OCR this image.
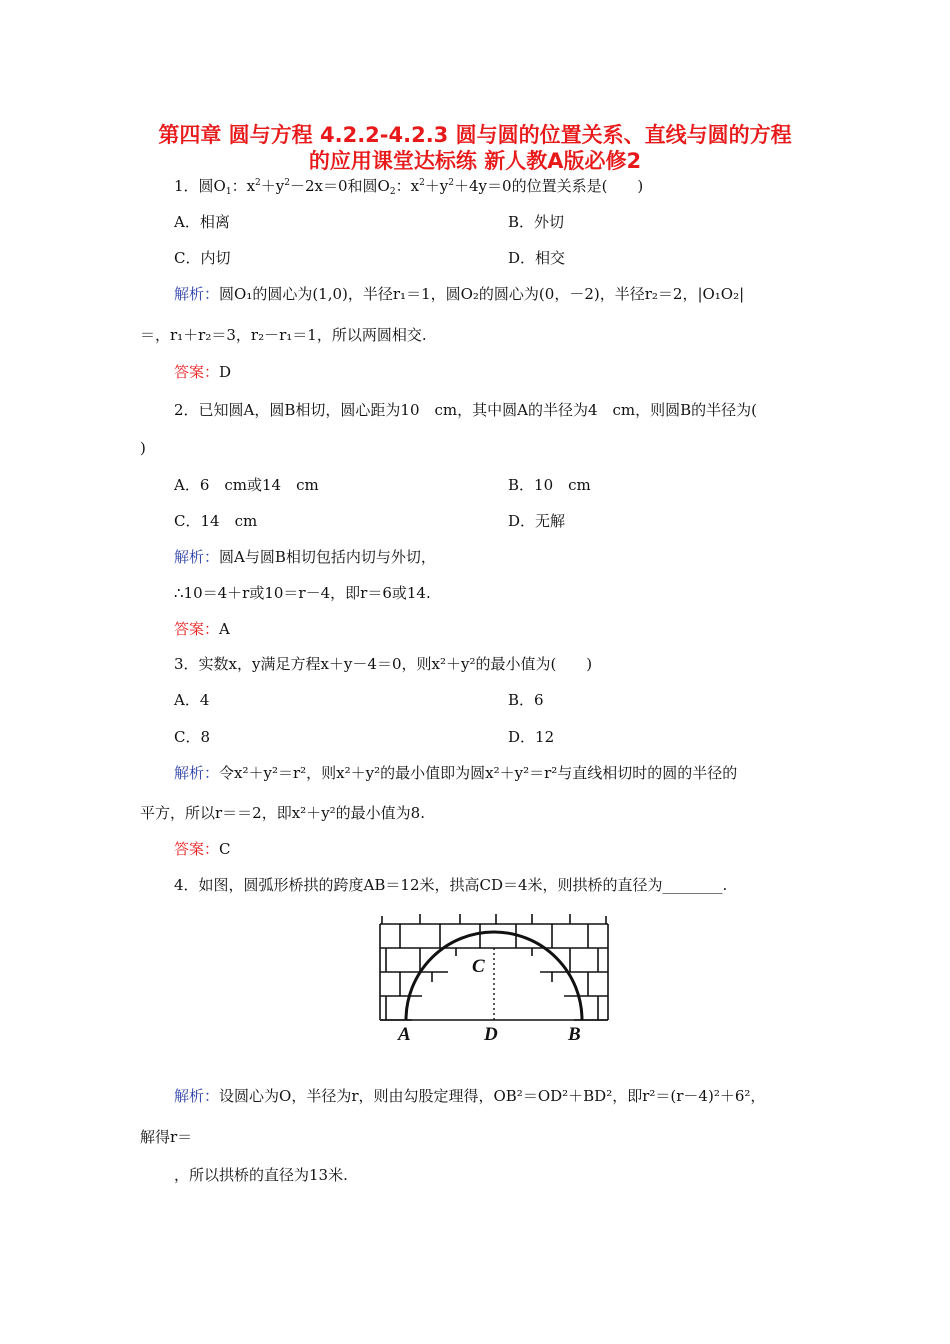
第四章 圆与方程 4.2.2-4.2.3 圆与圆的位置关系、直线与圆的方程
的应用课堂达标练 新人教A版必修2
1．圆$O_1$：$x^2+y^2-2x=0$和圆$O_2$：$x^2+y^2+4y=0$的位置关系是(　　)
A．相离	B．外切
C．内切	D．相交
解析：圆O₁的圆心为(1,0)，半径r₁＝1，圆O₂的圆心为(0，－2)，半径r₂＝2，|O₁O₂|
＝，r₁＋r₂＝3，r₂－r₁＝1，所以两圆相交.
答案：D
2．已知圆A，圆B相切，圆心距为10　cm，其中圆A的半径为4　cm，则圆B的半径为(
)
A．6　cm或14　cm	B．10　cm
C．14　cm	D．无解
解析：圆A与圆B相切包括内切与外切，
∴10＝4＋r或10＝r－4，即r＝6或14.
答案：A
3．实数x，y满足方程x＋y－4＝0，则x²＋y²的最小值为(　　)
A．4	B．6
C．8	D．12
解析：令x²＋y²＝r²，则x²＋y²的最小值即为圆x²＋y²＝r²与直线相切时的圆的半径的
平方，所以r＝＝2，即x²＋y²的最小值为8.
答案：C
4．如图，圆弧形桥拱的跨度AB＝12米，拱高CD＝4米，则拱桥的直径为________.
C
A	D	B
解析：设圆心为O，半径为r，则由勾股定理得，OB²＝OD²＋BD²，即r²＝(r－4)²＋6²，
解得r＝
，所以拱桥的直径为13米.
